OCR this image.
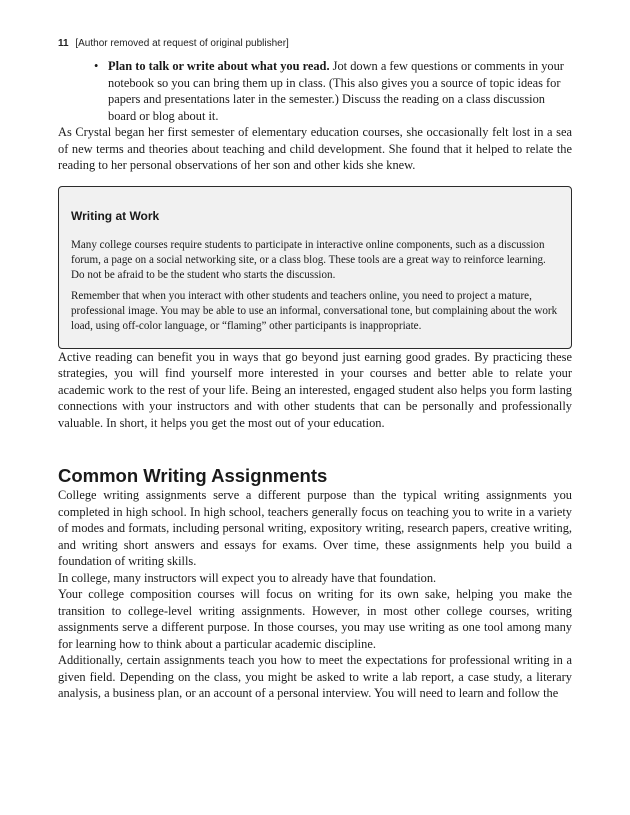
11 [Author removed at request of original publisher]
• Plan to talk or write about what you read. Jot down a few questions or comments in your notebook so you can bring them up in class. (This also gives you a source of topic ideas for papers and presentations later in the semester.) Discuss the reading on a class discussion board or blog about it.

As Crystal began her first semester of elementary education courses, she occasionally felt lost in a sea of new terms and theories about teaching and child development. She found that it helped to relate the reading to her personal observations of her son and other kids she knew.

Writing at Work

Many college courses require students to participate in interactive online components, such as a discussion forum, a page on a social networking site, or a class blog. These tools are a great way to reinforce learning. Do not be afraid to be the student who starts the discussion.

Remember that when you interact with other students and teachers online, you need to project a mature, professional image. You may be able to use an informal, conversational tone, but complaining about the work load, using off-color language, or “flaming” other participants is inappropriate.

Active reading can benefit you in ways that go beyond just earning good grades. By practicing these strategies, you will find yourself more interested in your courses and better able to relate your academic work to the rest of your life. Being an interested, engaged student also helps you form lasting connections with your instructors and with other students that can be personally and professionally valuable. In short, it helps you get the most out of your education.

Common Writing Assignments

College writing assignments serve a different purpose than the typical writing assignments you completed in high school. In high school, teachers generally focus on teaching you to write in a variety of modes and formats, including personal writing, expository writing, research papers, creative writing, and writing short answers and essays for exams. Over time, these assignments help you build a foundation of writing skills.

In college, many instructors will expect you to already have that foundation.

Your college composition courses will focus on writing for its own sake, helping you make the transition to college-level writing assignments. However, in most other college courses, writing assignments serve a different purpose. In those courses, you may use writing as one tool among many for learning how to think about a particular academic discipline.

Additionally, certain assignments teach you how to meet the expectations for professional writing in a given field. Depending on the class, you might be asked to write a lab report, a case study, a literary analysis, a business plan, or an account of a personal interview. You will need to learn and follow the
